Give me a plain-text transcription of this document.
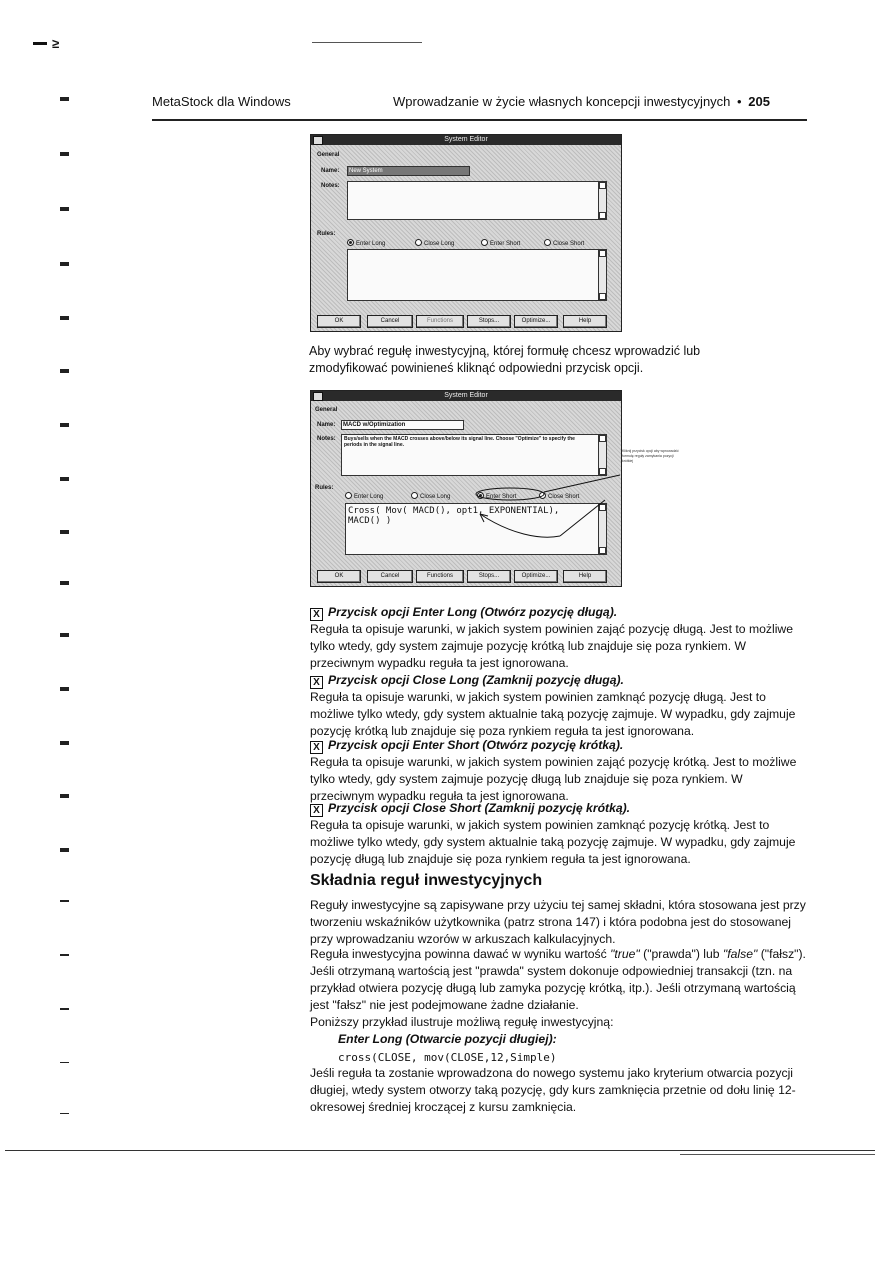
≥
MetaStock dla Windows	Wprowadzanie w życie własnych koncepcji inwestycyjnych • 205
System Editor
General
Name:	New System
Notes:
Rules:
Enter Long	Close Long	Enter Short	Close Short
OK	Cancel	Functions	Stops...	Optimize...	Help
Aby wybrać regułę inwestycyjną, której formułę chcesz wprowadzić lub zmodyfikować powinieneś kliknąć odpowiedni przycisk opcji.
System Editor
General
Name:	MACD w/Optimization
Notes: Buys/sells when the MACD crosses above/below its signal line. Choose "Optimize" to specify the periods in the signal line.
Rules:
Enter Long	Close Long	Enter Short	Close Short
Cross( Mov( MACD(), opt1, EXPONENTIAL),
MACD() )
OK	Cancel	Functions	Stops...	Optimize...	Help
Kliknij przycisk opcji aby wprowadzić formułę reguły zamykania pozycji krótkiej
X Przycisk opcji Enter Long (Otwórz pozycję długą).
Reguła ta opisuje warunki, w jakich system powinien zająć pozycję długą. Jest to możliwe tylko wtedy, gdy system zajmuje pozycję krótką lub znajduje się poza rynkiem. W przeciwnym wypadku reguła ta jest ignorowana.
X Przycisk opcji Close Long (Zamknij pozycję długą).
Reguła ta opisuje warunki, w jakich system powinien zamknąć pozycję długą. Jest to możliwe tylko wtedy, gdy system aktualnie taką pozycję zajmuje. W wypadku, gdy zajmuje pozycję krótką lub znajduje się poza rynkiem reguła ta jest ignorowana.
X Przycisk opcji Enter Short (Otwórz pozycję krótką).
Reguła ta opisuje warunki, w jakich system powinien zająć pozycję krótką. Jest to możliwe tylko wtedy, gdy system zajmuje pozycję długą lub znajduje się poza rynkiem. W przeciwnym wypadku reguła ta jest ignorowana.
X Przycisk opcji Close Short (Zamknij pozycję krótką).
Reguła ta opisuje warunki, w jakich system powinien zamknąć pozycję krótką. Jest to możliwe tylko wtedy, gdy system aktualnie taką pozycję zajmuje. W wypadku, gdy zajmuje pozycję długą lub znajduje się poza rynkiem reguła ta jest ignorowana.
Składnia reguł inwestycyjnych
Reguły inwestycyjne są zapisywane przy użyciu tej samej składni, która stosowana jest przy tworzeniu wskaźników użytkownika (patrz strona 147) i która podobna jest do stosowanej przy wprowadzaniu wzorów w arkuszach kalkulacyjnych.
Reguła inwestycyjna powinna dawać w wyniku wartość "true" ("prawda") lub "false" ("fałsz"). Jeśli otrzymaną wartością jest "prawda" system dokonuje odpowiedniej transakcji (tzn. na przykład otwiera pozycję długą lub zamyka pozycję krótką, itp.). Jeśli otrzymaną wartością jest "fałsz" nie jest podejmowane żadne działanie.
Poniższy przykład ilustruje możliwą regułę inwestycyjną:
Enter Long (Otwarcie pozycji długiej):
cross(CLOSE, mov(CLOSE,12,Simple)
Jeśli reguła ta zostanie wprowadzona do nowego systemu jako kryterium otwarcia pozycji długiej, wtedy system otworzy taką pozycję, gdy kurs zamknięcia przetnie od dołu linię 12-okresowej średniej kroczącej z kursu zamknięcia.
